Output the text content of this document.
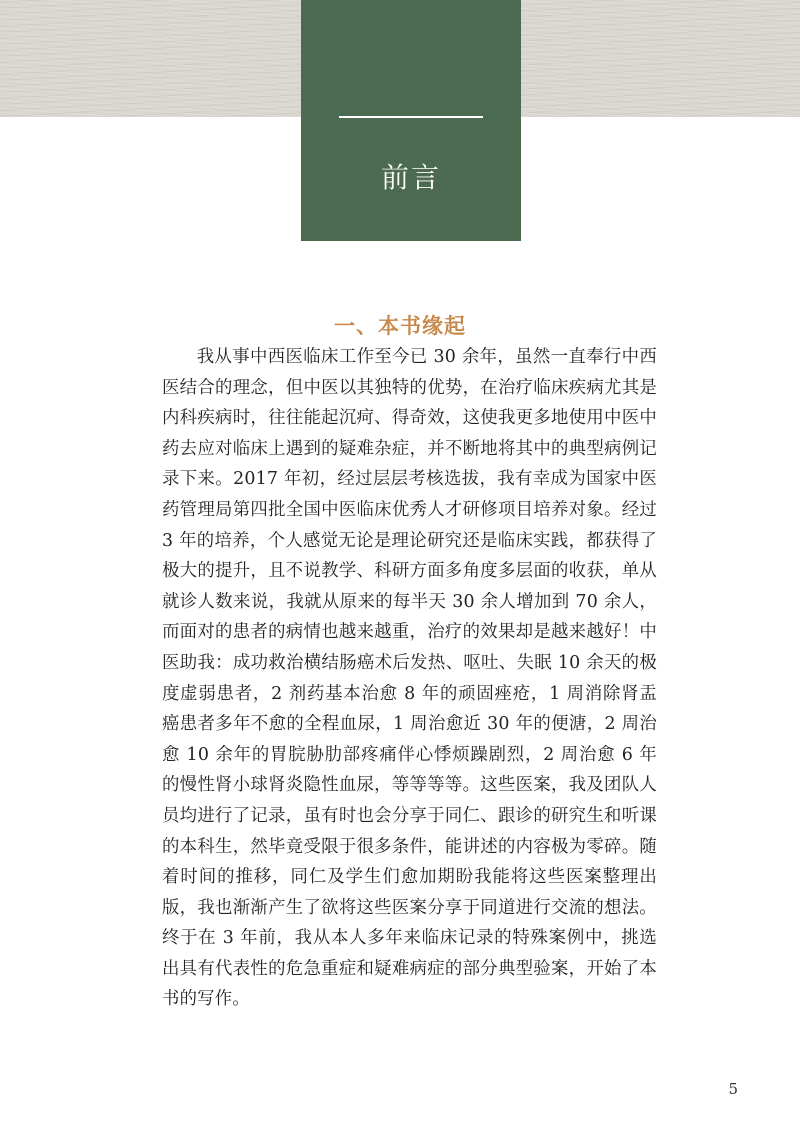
前言
一、本书缘起

我从事中西医临床工作至今已 30 余年，虽然一直奉行中西医结合的理念，但中医以其独特的优势，在治疗临床疾病尤其是内科疾病时，往往能起沉疴、得奇效，这使我更多地使用中医中药去应对临床上遇到的疑难杂症，并不断地将其中的典型病例记录下来。2017 年初，经过层层考核选拔，我有幸成为国家中医药管理局第四批全国中医临床优秀人才研修项目培养对象。经过 3 年的培养，个人感觉无论是理论研究还是临床实践，都获得了极大的提升，且不说教学、科研方面多角度多层面的收获，单从就诊人数来说，我就从原来的每半天 30 余人增加到 70 余人，而面对的患者的病情也越来越重，治疗的效果却是越来越好！中医助我：成功救治横结肠癌术后发热、呕吐、失眠 10 余天的极度虚弱患者，2 剂药基本治愈 8 年的顽固痤疮，1 周消除肾盂癌患者多年不愈的全程血尿，1 周治愈近 30 年的便溏，2 周治愈 10 余年的胃脘胁肋部疼痛伴心悸烦躁剧烈，2 周治愈 6 年的慢性肾小球肾炎隐性血尿，等等等等。这些医案，我及团队人员均进行了记录，虽有时也会分享于同仁、跟诊的研究生和听课的本科生，然毕竟受限于很多条件，能讲述的内容极为零碎。随着时间的推移，同仁及学生们愈加期盼我能将这些医案整理出版，我也渐渐产生了欲将这些医案分享于同道进行交流的想法。终于在 3 年前，我从本人多年来临床记录的特殊案例中，挑选出具有代表性的危急重症和疑难病症的部分典型验案，开始了本书的写作。

5
